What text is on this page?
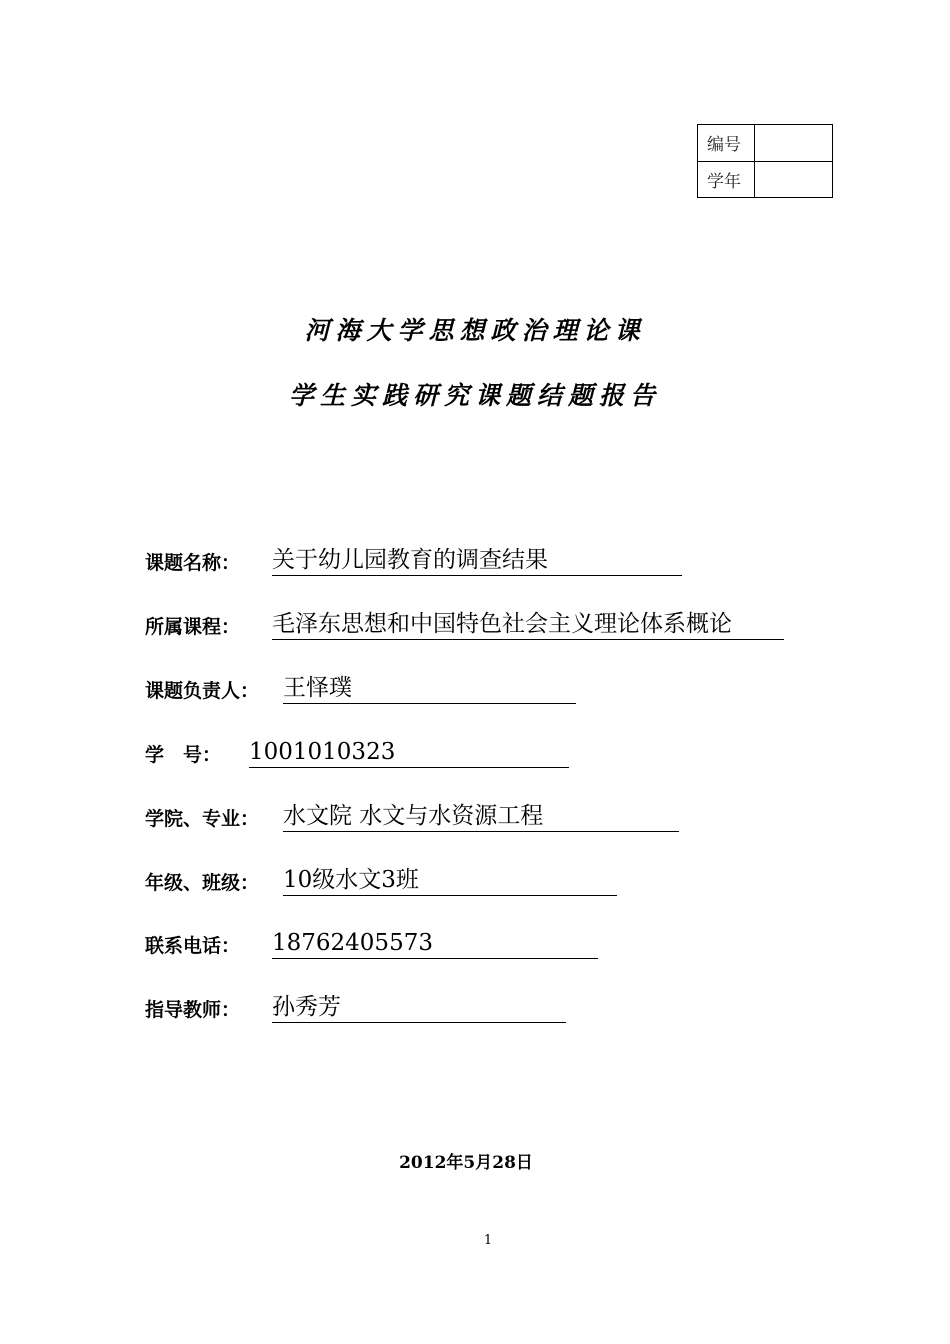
编号	
学年	
河海大学思想政治理论课
学生实践研究课题结题报告
课题名称：	关于幼儿园教育的调查结果
所属课程：	毛泽东思想和中国特色社会主义理论体系概论
课题负责人：	王怿璞
学　号：	1001010323
学院、专业：	水文院 水文与水资源工程
年级、班级：	10级水文3班
联系电话：	18762405573
指导教师：	孙秀芳
2012年5月28日
1
